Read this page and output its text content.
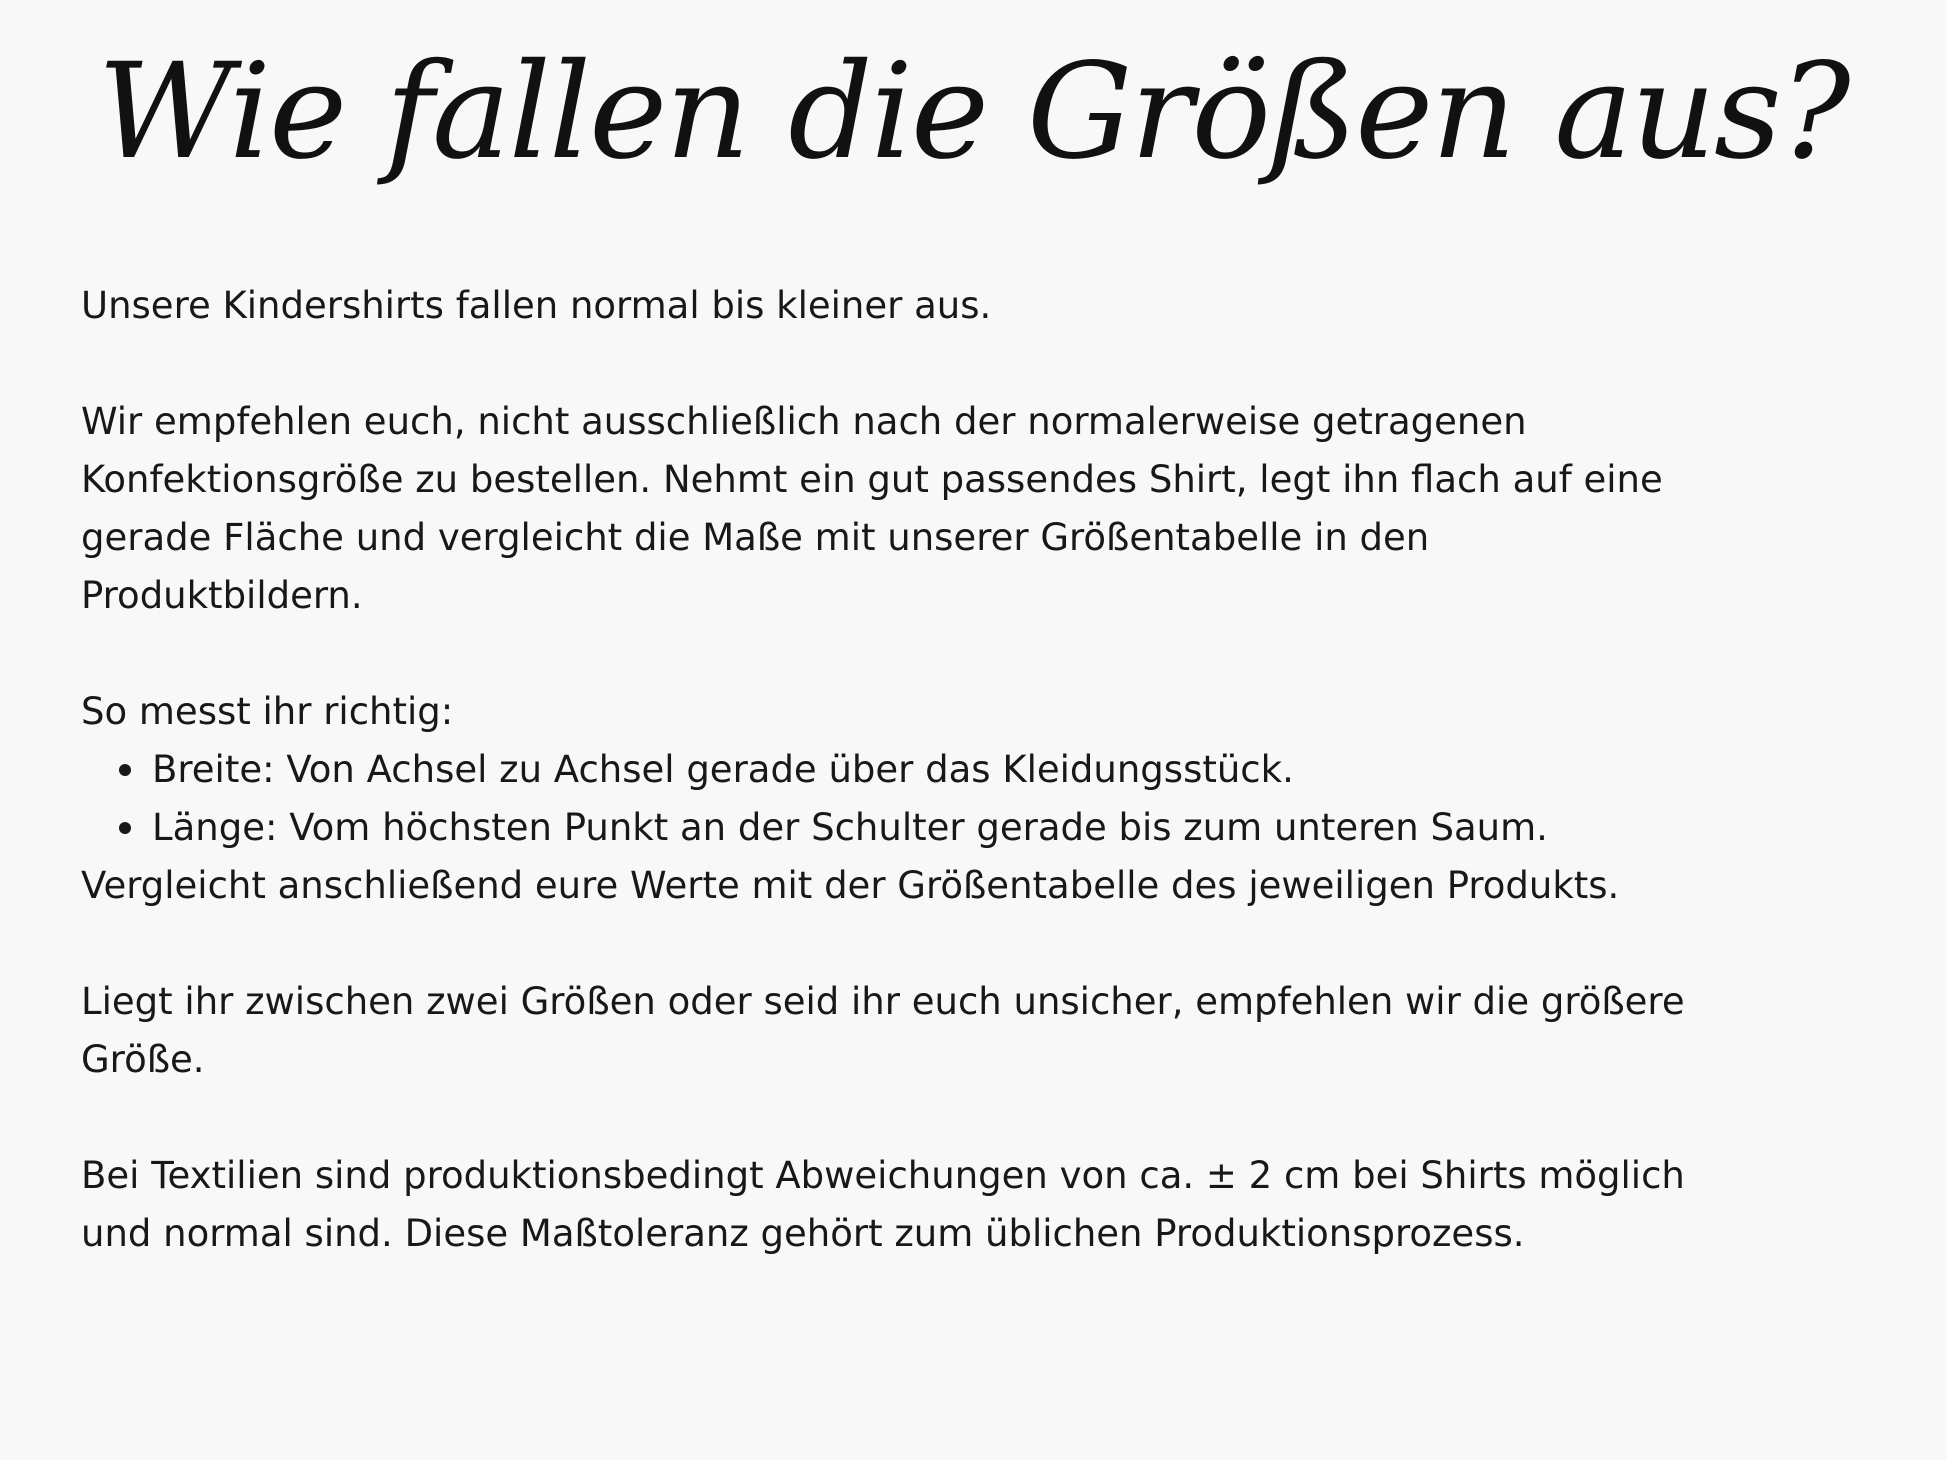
Wie fallen die Größen aus?

Unsere Kindershirts fallen normal bis kleiner aus.

Wir empfehlen euch, nicht ausschließlich nach der normalerweise getragenen

Konfektionsgröße zu bestellen. Nehmt ein gut passendes Shirt, legt ihn flach auf eine

gerade Fläche und vergleicht die Maße mit unserer Größentabelle in den

Produktbildern.

So messt ihr richtig:

Breite: Von Achsel zu Achsel gerade über das Kleidungsstück.
Länge: Vom höchsten Punkt an der Schulter gerade bis zum unteren Saum.

Vergleicht anschließend eure Werte mit der Größentabelle des jeweiligen Produkts.

Liegt ihr zwischen zwei Größen oder seid ihr euch unsicher, empfehlen wir die größere

Größe.

Bei Textilien sind produktionsbedingt Abweichungen von ca. ± 2 cm bei Shirts möglich

und normal sind. Diese Maßtoleranz gehört zum üblichen Produktionsprozess.
